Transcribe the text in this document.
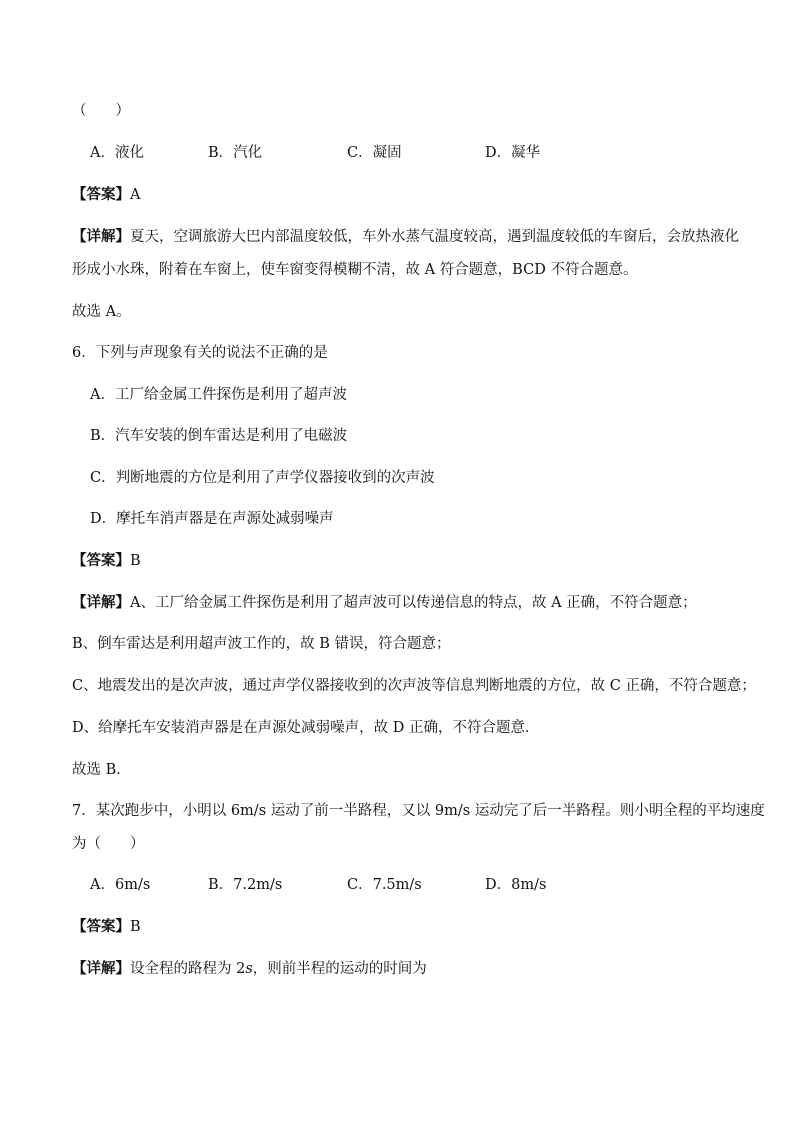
（　　）
A．液化	B．汽化	C．凝固	D．凝华
【答案】A
【详解】夏天，空调旅游大巴内部温度较低，车外水蒸气温度较高，遇到温度较低的车窗后，会放热液化
形成小水珠，附着在车窗上，使车窗变得模糊不清，故 A 符合题意，BCD 不符合题意。
故选 A。
6．下列与声现象有关的说法不正确的是
A．工厂给金属工件探伤是利用了超声波
B．汽车安装的倒车雷达是利用了电磁波
C．判断地震的方位是利用了声学仪器接收到的次声波
D．摩托车消声器是在声源处减弱噪声
【答案】B
【详解】A、工厂给金属工件探伤是利用了超声波可以传递信息的特点，故 A 正确，不符合题意；
B、倒车雷达是利用超声波工作的，故 B 错误，符合题意；
C、地震发出的是次声波，通过声学仪器接收到的次声波等信息判断地震的方位，故 C 正确，不符合题意；
D、给摩托车安装消声器是在声源处减弱噪声，故 D 正确，不符合题意．
故选 B．
7．某次跑步中，小明以 6m/s 运动了前一半路程，又以 9m/s 运动完了后一半路程。则小明全程的平均速度
为（　　）
A．6m/s	B．7.2m/s	C．7.5m/s	D．8m/s
【答案】B
【详解】设全程的路程为 2s，则前半程的运动的时间为
